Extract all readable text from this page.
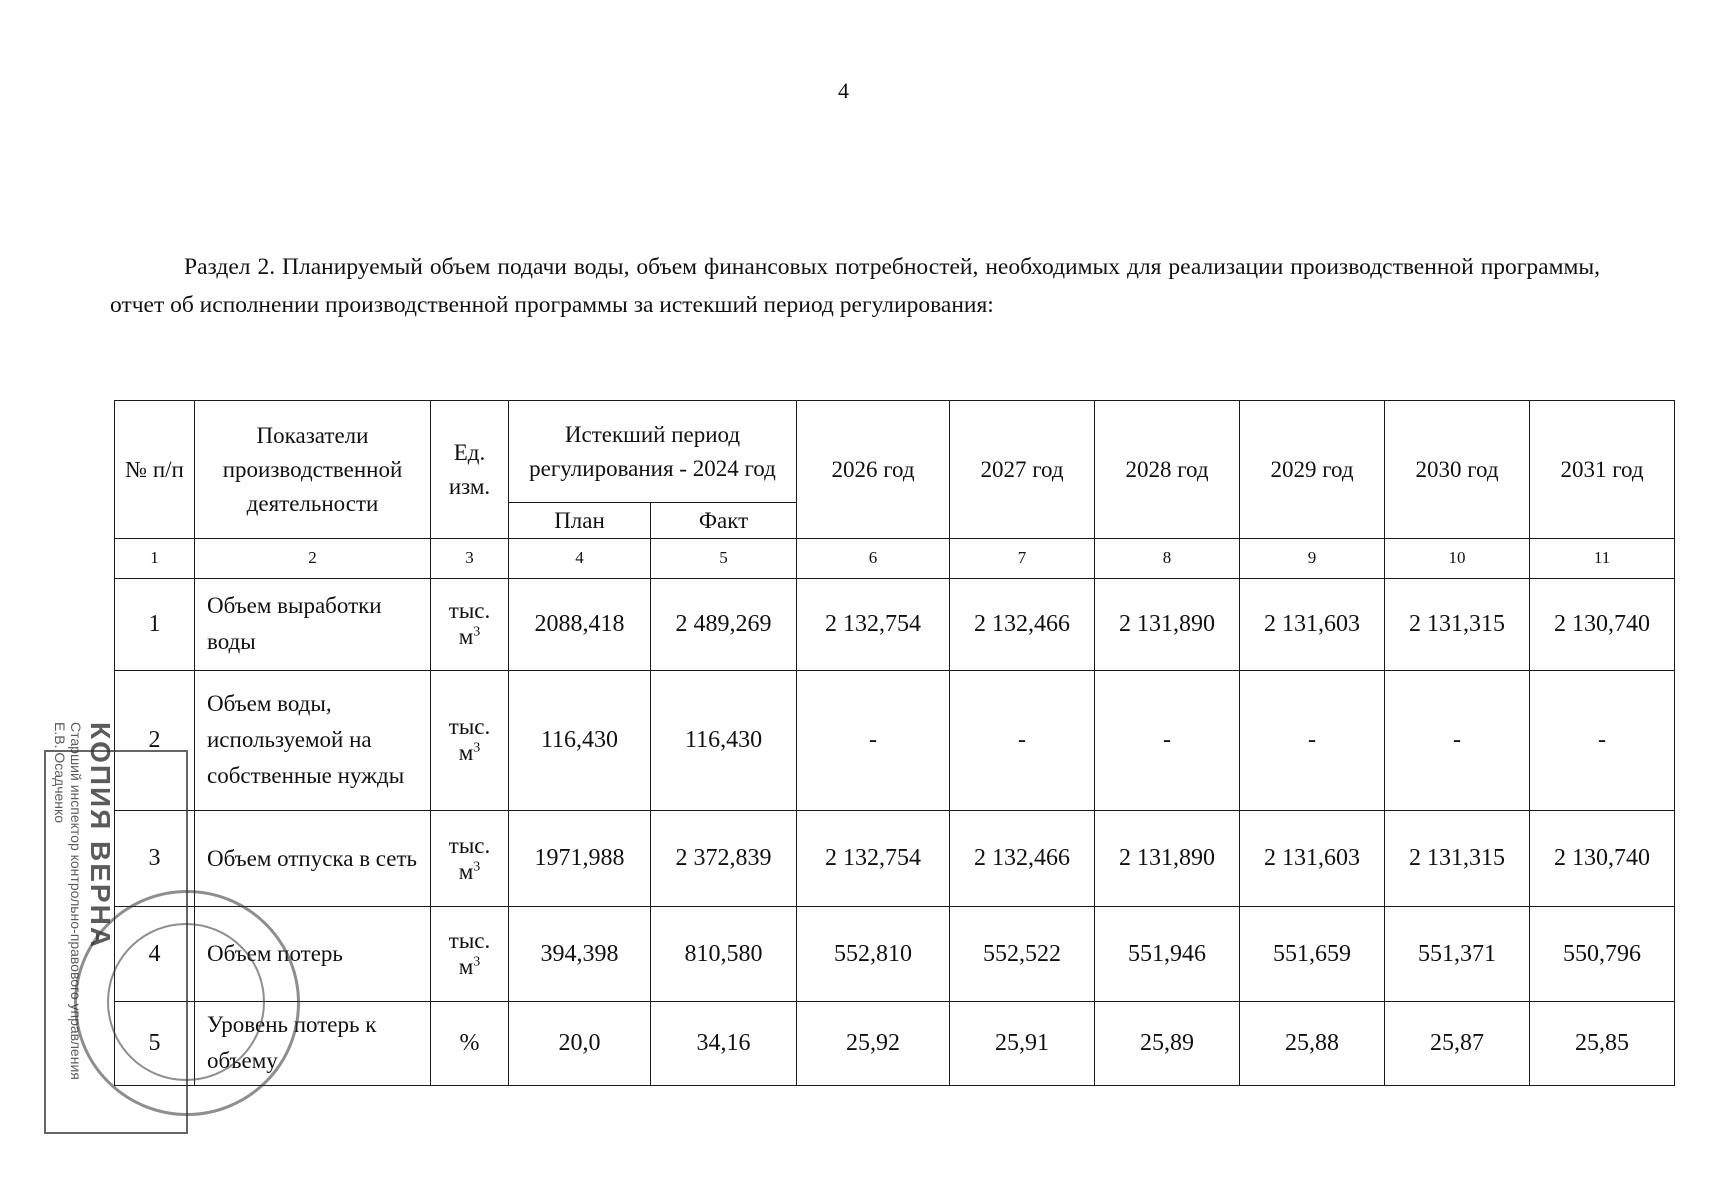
4
Раздел 2. Планируемый объем подачи воды, объем финансовых потребностей, необходимых для реализации производственной программы, отчет об исполнении производственной программы за истекший период регулирования:
№ п/п	Показатели производственной деятельности	Ед. изм.	Истекший период регулирования - 2024 год		2026 год	2027 год	2028 год	2029 год	2030 год	2031 год
			План	Факт						
1	2	3	4	5	6	7	8	9	10	11
1	Объем выработки воды	тыс. $м^3$	2088,418	2 489,269	2 132,754	2 132,466	2 131,890	2 131,603	2 131,315	2 130,740
2	Объем воды, используемой на собственные нужды	тыс. $м^3$	116,430	116,430	-	-	-	-	-	-
3	Объем отпуска в сеть	тыс. $м^3$	1971,988	2 372,839	2 132,754	2 132,466	2 131,890	2 131,603	2 131,315	2 130,740
4	Объем потерь	тыс. $м^3$	394,398	810,580	552,810	552,522	551,946	551,659	551,371	550,796
5	Уровень потерь к объему	%	20,0	34,16	25,92	25,91	25,89	25,88	25,87	25,85
КОПИЯ ВЕРНА
Старший инспектор контрольно-правового управления
Е.В. Осадченко
